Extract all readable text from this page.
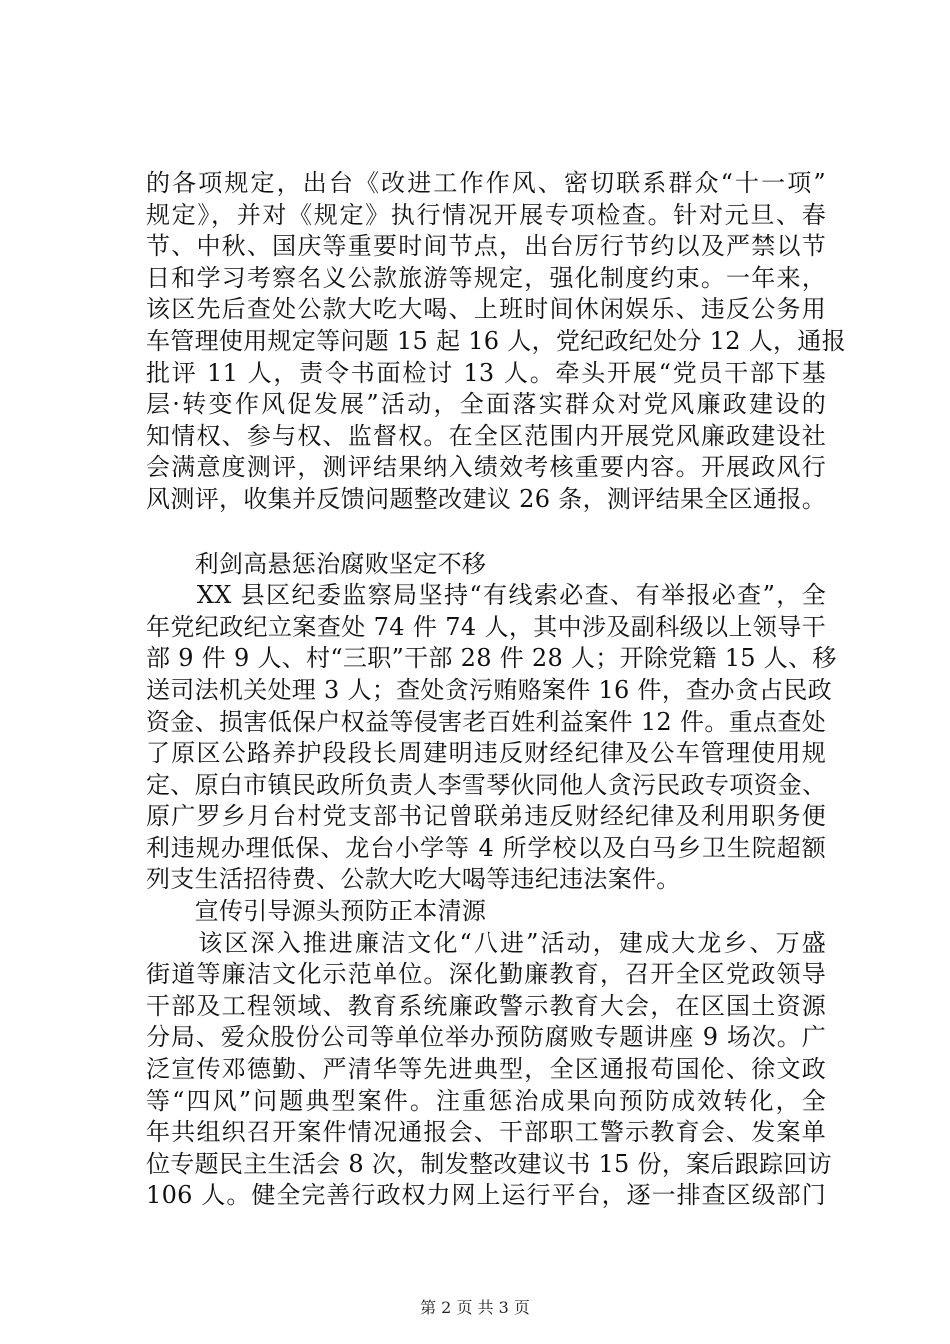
的各项规定，出台《改进工作作风、密切联系群众“十一项”
规定》，并对《规定》执行情况开展专项检查。针对元旦、春
节、中秋、国庆等重要时间节点，出台厉行节约以及严禁以节
日和学习考察名义公款旅游等规定，强化制度约束。一年来，
该区先后查处公款大吃大喝、上班时间休闲娱乐、违反公务用
车管理使用规定等问题 15 起 16 人，党纪政纪处分 12 人，通报
批评 11 人，责令书面检讨 13 人。牵头开展“党员干部下基
层·转变作风促发展”活动，全面落实群众对党风廉政建设的
知情权、参与权、监督权。在全区范围内开展党风廉政建设社
会满意度测评，测评结果纳入绩效考核重要内容。开展政风行
风测评，收集并反馈问题整改建议 26 条，测评结果全区通报。
　　利剑高悬惩治腐败坚定不移
　　XX 县区纪委监察局坚持“有线索必查、有举报必查”，全
年党纪政纪立案查处 74 件 74 人，其中涉及副科级以上领导干
部 9 件 9 人、村“三职”干部 28 件 28 人；开除党籍 15 人、移
送司法机关处理 3 人；查处贪污贿赂案件 16 件，查办贪占民政
资金、损害低保户权益等侵害老百姓利益案件 12 件。重点查处
了原区公路养护段段长周建明违反财经纪律及公车管理使用规
定、原白市镇民政所负责人李雪琴伙同他人贪污民政专项资金、
原广罗乡月台村党支部书记曾联弟违反财经纪律及利用职务便
利违规办理低保、龙台小学等 4 所学校以及白马乡卫生院超额
列支生活招待费、公款大吃大喝等违纪违法案件。
　　宣传引导源头预防正本清源
　　该区深入推进廉洁文化“八进”活动，建成大龙乡、万盛
街道等廉洁文化示范单位。深化勤廉教育，召开全区党政领导
干部及工程领域、教育系统廉政警示教育大会，在区国土资源
分局、爱众股份公司等单位举办预防腐败专题讲座 9 场次。广
泛宣传邓德勤、严清华等先进典型，全区通报苟国伦、徐文政
等“四风”问题典型案件。注重惩治成果向预防成效转化，全
年共组织召开案件情况通报会、干部职工警示教育会、发案单
位专题民主生活会 8 次，制发整改建议书 15 份，案后跟踪回访
106 人。健全完善行政权力网上运行平台，逐一排查区级部门
第 2 页 共 3 页
